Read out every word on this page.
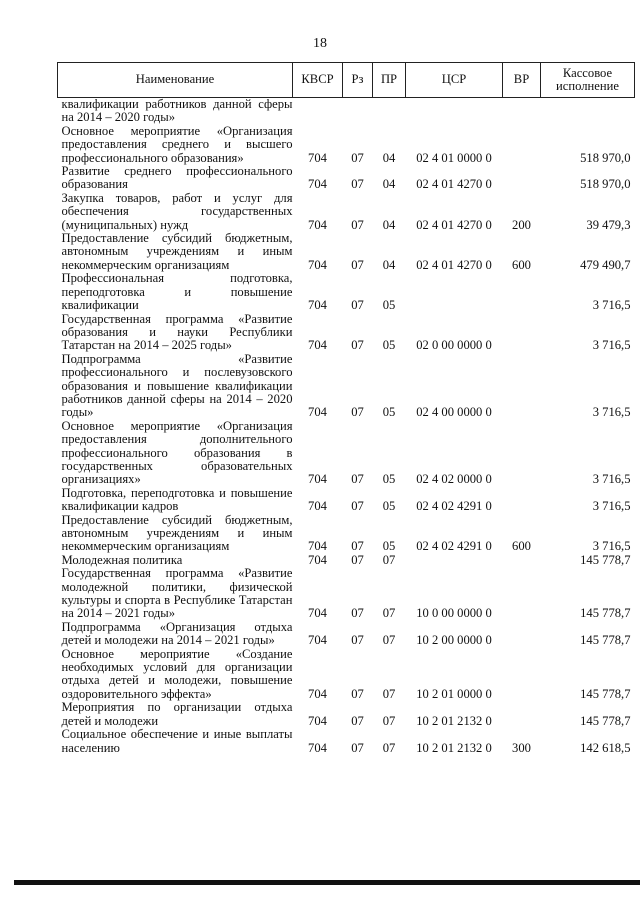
18
Наименование	КВСР	Рз	ПР	ЦСР	ВР	Кассовое исполнение
квалификации работников данной сферы на 2014 – 2020 годы»						
Основное мероприятие «Организация предоставления среднего и высшего профессионального образования»	704	07	04	02 4 01 0000 0		518 970,0
Развитие среднего профессионального образования	704	07	04	02 4 01 4270 0		518 970,0
Закупка товаров, работ и услуг для обеспечения государственных (муниципальных) нужд	704	07	04	02 4 01 4270 0	200	39 479,3
Предоставление субсидий бюджетным, автономным учреждениям и иным некоммерческим организациям	704	07	04	02 4 01 4270 0	600	479 490,7
Профессиональная подготовка, переподготовка и повышение квалификации	704	07	05			3 716,5
Государственная программа «Развитие образования и науки Республики Татарстан на 2014 – 2025 годы»	704	07	05	02 0 00 0000 0		3 716,5
Подпрограмма «Развитие профессионального и послевузовского образования и повышение квалификации работников данной сферы на 2014 – 2020 годы»	704	07	05	02 4 00 0000 0		3 716,5
Основное мероприятие «Организация предоставления дополнительного профессионального образования в государственных образовательных организациях»	704	07	05	02 4 02 0000 0		3 716,5
Подготовка, переподготовка и повышение квалификации кадров	704	07	05	02 4 02 4291 0		3 716,5
Предоставление субсидий бюджетным, автономным учреждениям и иным некоммерческим организациям	704	07	05	02 4 02 4291 0	600	3 716,5
Молодежная политика	704	07	07			145 778,7
Государственная программа «Развитие молодежной политики, физической культуры и спорта в Республике Татарстан на 2014 – 2021 годы»	704	07	07	10 0 00 0000 0		145 778,7
Подпрограмма «Организация отдыха детей и молодежи на 2014 – 2021 годы»	704	07	07	10 2 00 0000 0		145 778,7
Основное мероприятие «Создание необходимых условий для организации отдыха детей и молодежи, повышение оздоровительного эффекта»	704	07	07	10 2 01 0000 0		145 778,7
Мероприятия по организации отдыха детей и молодежи	704	07	07	10 2 01 2132 0		145 778,7
Социальное обеспечение и иные выплаты населению	704	07	07	10 2 01 2132 0	300	142 618,5
